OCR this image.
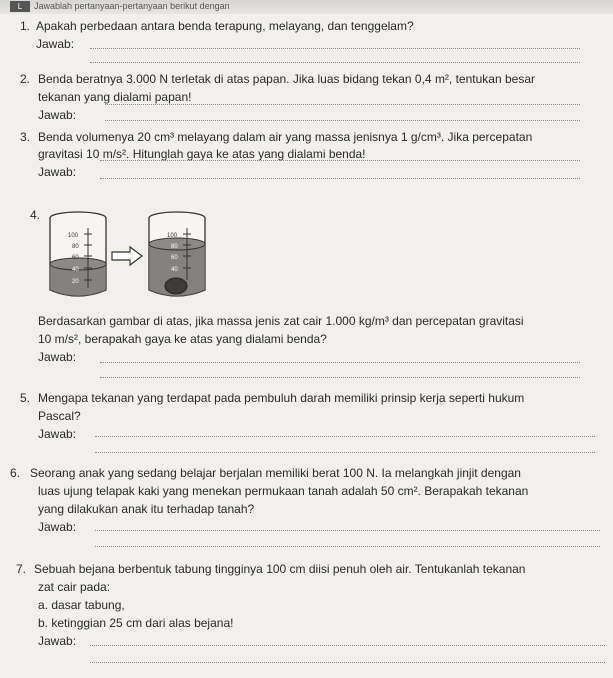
L	Jawablah pertanyaan-pertanyaan berikut dengan
1. Apakah perbedaan antara benda terapung, melayang, dan tenggelam?
Jawab:
2. Benda beratnya 3.000 N terletak di atas papan. Jika luas bidang tekan 0,4 m², tentukan besar
tekanan yang dialami papan!
Jawab:
3. Benda volumenya 20 cm³ melayang dalam air yang massa jenisnya 1 g/cm³. Jika percepatan
gravitasi 10 m/s². Hitunglah gaya ke atas yang dialami benda!
Jawab:
4.
100
80
60
40
20
100
80
60
40
Berdasarkan gambar di atas, jika massa jenis zat cair 1.000 kg/m³ dan percepatan gravitasi
10 m/s², berapakah gaya ke atas yang dialami benda?
Jawab:
5. Mengapa tekanan yang terdapat pada pembuluh darah memiliki prinsip kerja seperti hukum
Pascal?
Jawab:
6. Seorang anak yang sedang belajar berjalan memiliki berat 100 N. Ia melangkah jinjit dengan
luas ujung telapak kaki yang menekan permukaan tanah adalah 50 cm². Berapakah tekanan
yang dilakukan anak itu terhadap tanah?
Jawab:
7. Sebuah bejana berbentuk tabung tingginya 100 cm diisi penuh oleh air. Tentukanlah tekanan
zat cair pada:
a. dasar tabung,
b. ketinggian 25 cm dari alas bejana!
Jawab:
